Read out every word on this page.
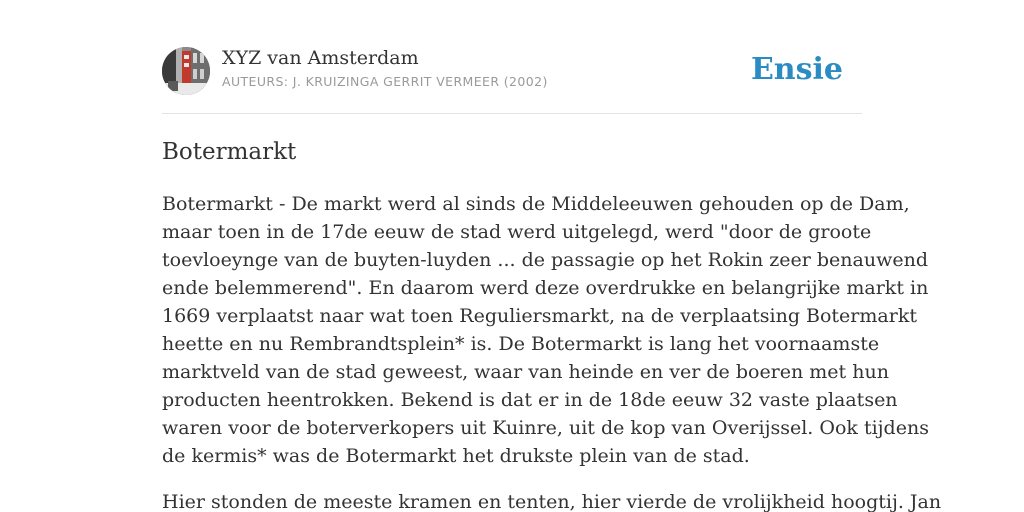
XYZ van Amsterdam
AUTEURS: J. KRUIZINGA GERRIT VERMEER (2002)	Ensie
Botermarkt

Botermarkt - De markt werd al sinds de Middeleeuwen gehouden op de Dam,
maar toen in de 17de eeuw de stad werd uitgelegd, werd "door de groote
toevloeynge van de buyten-luyden ... de passagie op het Rokin zeer benauwend
ende belemmerend". En daarom werd deze overdrukke en belangrijke markt in
1669 verplaatst naar wat toen Reguliersmarkt, na de verplaatsing Botermarkt
heette en nu Rembrandtsplein* is. De Botermarkt is lang het voornaamste
marktveld van de stad geweest, waar van heinde en ver de boeren met hun
producten heentrokken. Bekend is dat er in de 18de eeuw 32 vaste plaatsen
waren voor de boterverkopers uit Kuinre, uit de kop van Overijssel. Ook tijdens
de kermis* was de Botermarkt het drukste plein van de stad.

Hier stonden de meeste kramen en tenten, hier vierde de vrolijkheid hoogtij. Jan
